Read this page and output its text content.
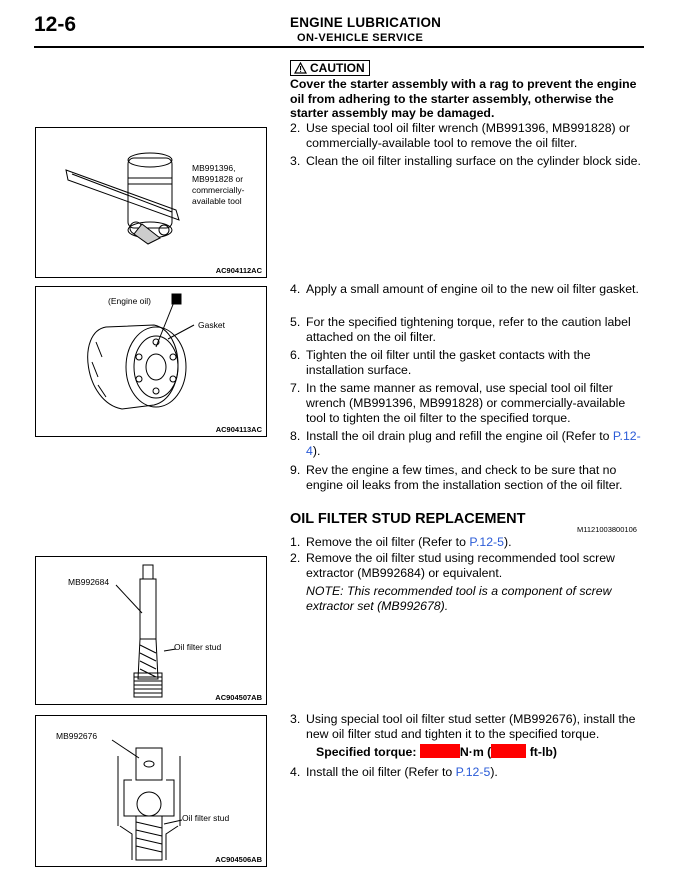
12-6	ENGINE LUBRICATION
ON-VEHICLE SERVICE
CAUTION
Cover the starter assembly with a rag to prevent the engine oil from adhering to the starter assembly, otherwise the starter assembly may be damaged.
2. Use special tool oil filter wrench (MB991396, MB991828) or commercially-available tool to remove the oil filter.
3. Clean the oil filter installing surface on the cylinder block side.
4. Apply a small amount of engine oil to the new oil filter gasket.
5. For the specified tightening torque, refer to the caution label attached on the oil filter.
6. Tighten the oil filter until the gasket contacts with the installation surface.
7. In the same manner as removal, use special tool oil filter wrench (MB991396, MB991828) or commercially-available tool to tighten the oil filter to the specified torque.
8. Install the oil drain plug and refill the engine oil (Refer to P.12-4).
9. Rev the engine a few times, and check to be sure that no engine oil leaks from the installation section of the oil filter.
OIL FILTER STUD REPLACEMENT
M1121003800106
1. Remove the oil filter (Refer to P.12-5).
2. Remove the oil filter stud using recommended tool screw extractor (MB992684) or equivalent.
NOTE: This recommended tool is a component of screw extractor set (MB992678).
3. Using special tool oil filter stud setter (MB992676), install the new oil filter stud and tighten it to the specified torque.
Specified torque:	N·m (	ft-lb)
4. Install the oil filter (Refer to P.12-5).
MB991396, MB991828 or commercially-available tool
AC904112AC
(Engine oil)
Gasket
AC904113AC
MB992684
Oil filter stud
AC904507AB
MB992676
Oil filter stud
AC904506AB
